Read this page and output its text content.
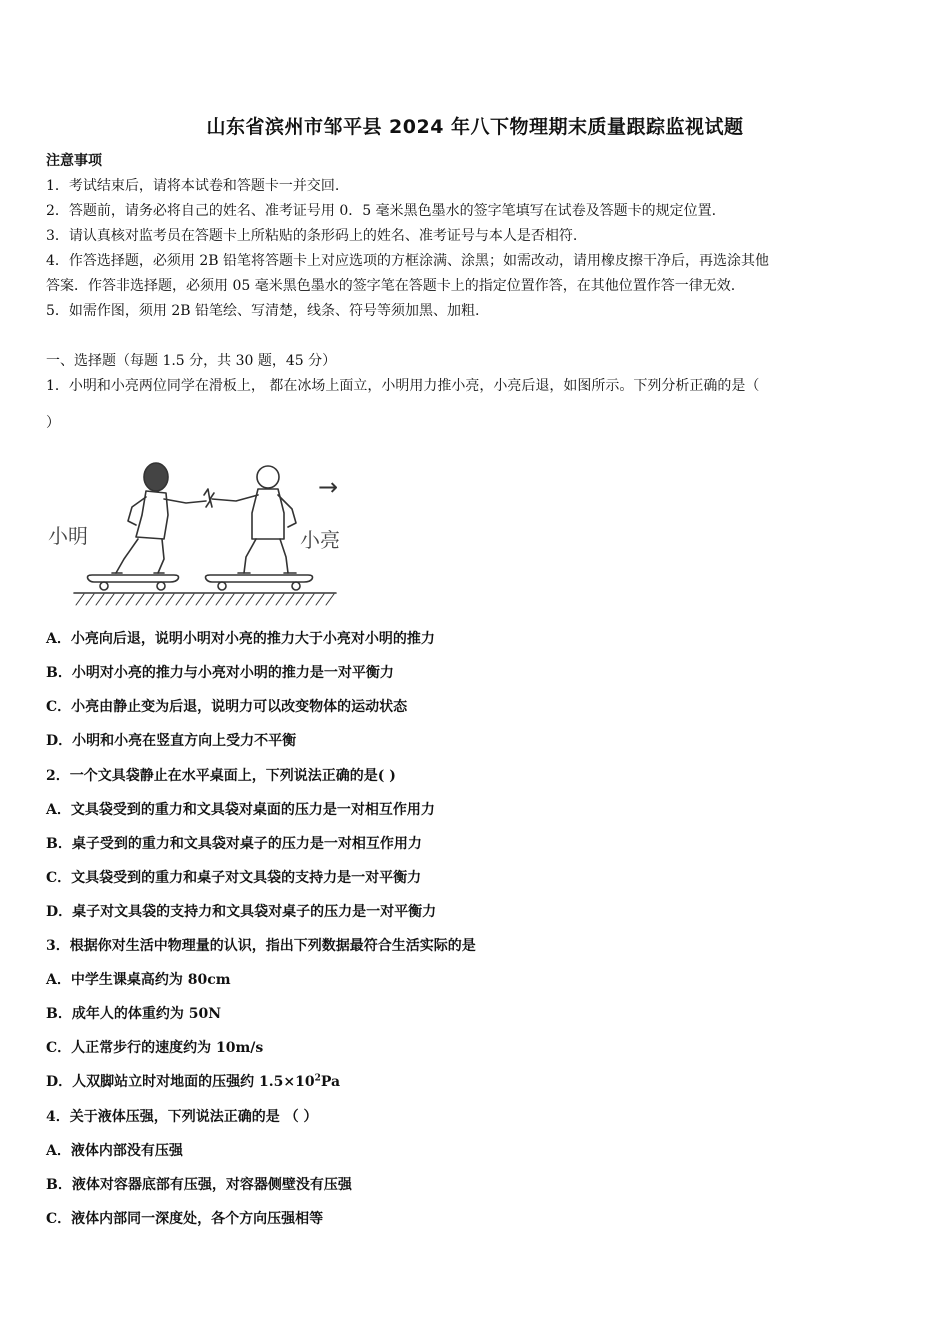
山东省滨州市邹平县 2024 年八下物理期末质量跟踪监视试题
注意事项
1．考试结束后，请将本试卷和答题卡一并交回.
2．答题前，请务必将自己的姓名、准考证号用 0．5 毫米黑色墨水的签字笔填写在试卷及答题卡的规定位置.
3．请认真核对监考员在答题卡上所粘贴的条形码上的姓名、准考证号与本人是否相符.
4．作答选择题，必须用 2B 铅笔将答题卡上对应选项的方框涂满、涂黑；如需改动，请用橡皮擦干净后，再选涂其他
答案．作答非选择题，必须用 05 毫米黑色墨水的签字笔在答题卡上的指定位置作答，在其他位置作答一律无效.
5．如需作图，须用 2B 铅笔绘、写清楚，线条、符号等须加黑、加粗.
一、选择题（每题 1.5 分，共 30 题，45 分）
1．小明和小亮两位同学在滑板上， 都在冰场上面立，小明用力推小亮，小亮后退，如图所示。下列分析正确的是（
）
小明	小亮
→
A．小亮向后退，说明小明对小亮的推力大于小亮对小明的推力
B．小明对小亮的推力与小亮对小明的推力是一对平衡力
C．小亮由静止变为后退，说明力可以改变物体的运动状态
D．小明和小亮在竖直方向上受力不平衡
2．一个文具袋静止在水平桌面上，下列说法正确的是( )
A．文具袋受到的重力和文具袋对桌面的压力是一对相互作用力
B．桌子受到的重力和文具袋对桌子的压力是一对相互作用力
C．文具袋受到的重力和桌子对文具袋的支持力是一对平衡力
D．桌子对文具袋的支持力和文具袋对桌子的压力是一对平衡力
3．根据你对生活中物理量的认识，指出下列数据最符合生活实际的是
A．中学生课桌高约为 80cm
B．成年人的体重约为 50N
C．人正常步行的速度约为 10m/s
D．人双脚站立时对地面的压强约 $1.5\times 10^2Pa$
4．关于液体压强，下列说法正确的是 （ ）
A．液体内部没有压强
B．液体对容器底部有压强，对容器侧壁没有压强
C．液体内部同一深度处，各个方向压强相等
